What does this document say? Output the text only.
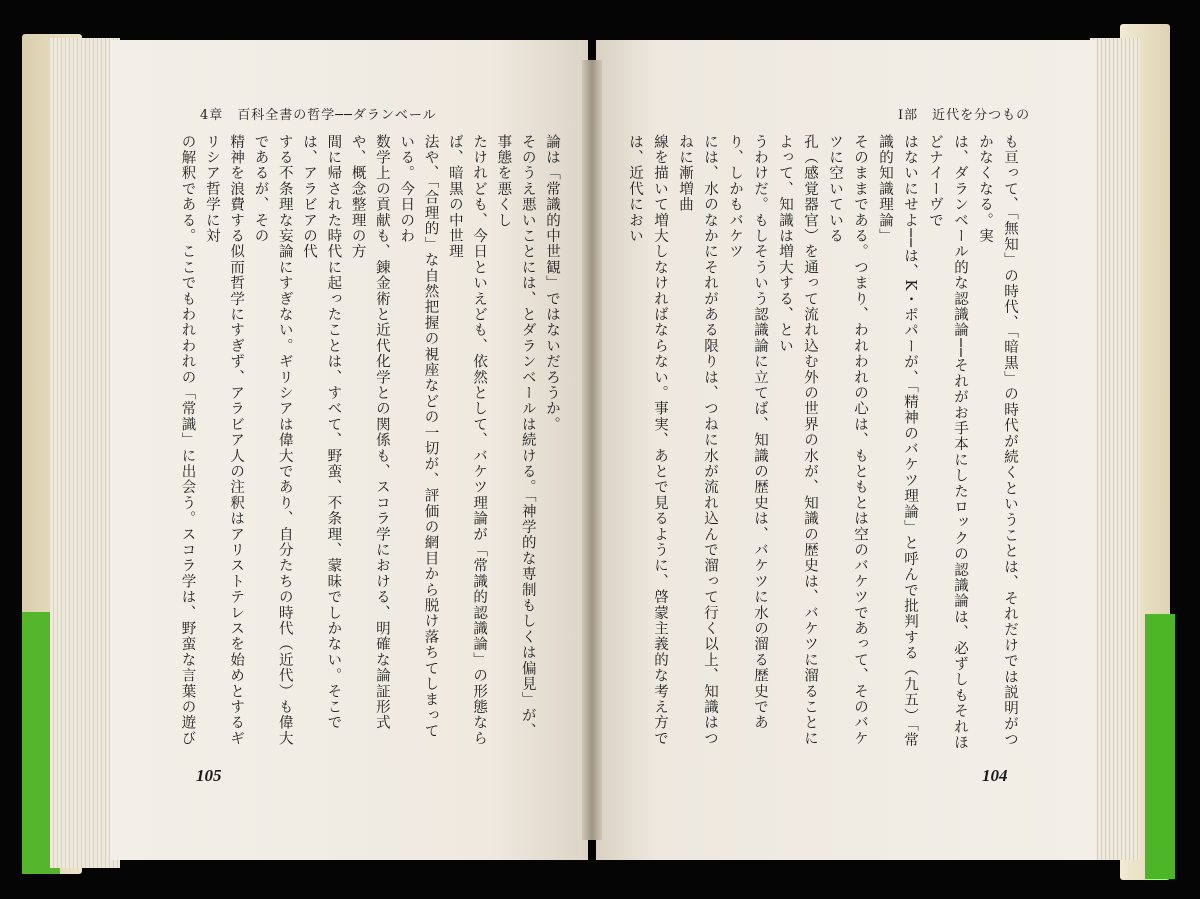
4章　百科全書の哲学──ダランベール	I部　近代を分つもの

論は「常識的中世観」ではないだろうか。

そのうえ悪いことには、とダランベールは続ける。「神学的な専制もしくは偏見」が、事態を悪くし

たけれども、今日といえども、依然として、バケツ理論が「常識的認識論」の形態ならば、暗黒の中世理

法や、「合理的」な自然把握の視座などの一切が、評価の網目から脱け落ちてしまっている。今日のわ

数学上の貢献も、錬金術と近代化学との関係も、スコラ学における、明確な論証形式や、概念整理の方

間に帰された時代に起ったことは、すべて、野蛮、不条理、蒙昧でしかない。そこでは、アラビアの代

する不条理な妄論にすぎない。ギリシアは偉大であり、自分たちの時代（近代）も偉大であるが、その

精神を浪費する似而哲学にすぎず、アラビア人の注釈はアリストテレスを始めとするギリシア哲学に対

の解釈である。ここでもわれわれの「常識」に出会う。スコラ学は、野蛮な言葉の遊び	も亘って、「無知」の時代、「暗黒」の時代が続くということは、それだけでは説明がつかなくなる。実

は、ダランベール的な認識論──それがお手本にしたロックの認識論は、必ずしもそれほどナイーヴで

はないにせよ──は、K・ポパーが、「精神のバケツ理論」と呼んで批判する（九五）「常識的知識理論」

そのままである。つまり、われわれの心は、もともとは空のバケツであって、そのバケツに空いている

孔（感覚器官）を通って流れ込む外の世界の水が、知識の歴史は、バケツに溜ることによって、知識は増大する、とい

うわけだ。もしそういう認識論に立てば、知識の歴史は、バケツに水の溜る歴史であり、しかもバケツ

には、水のなかにそれがある限りは、つねに水が流れ込んで溜って行く以上、知識はつねに漸増曲

線を描いて増大しなければならない。事実、あとで見るように、啓蒙主義的な考え方では、近代におい

105	104
